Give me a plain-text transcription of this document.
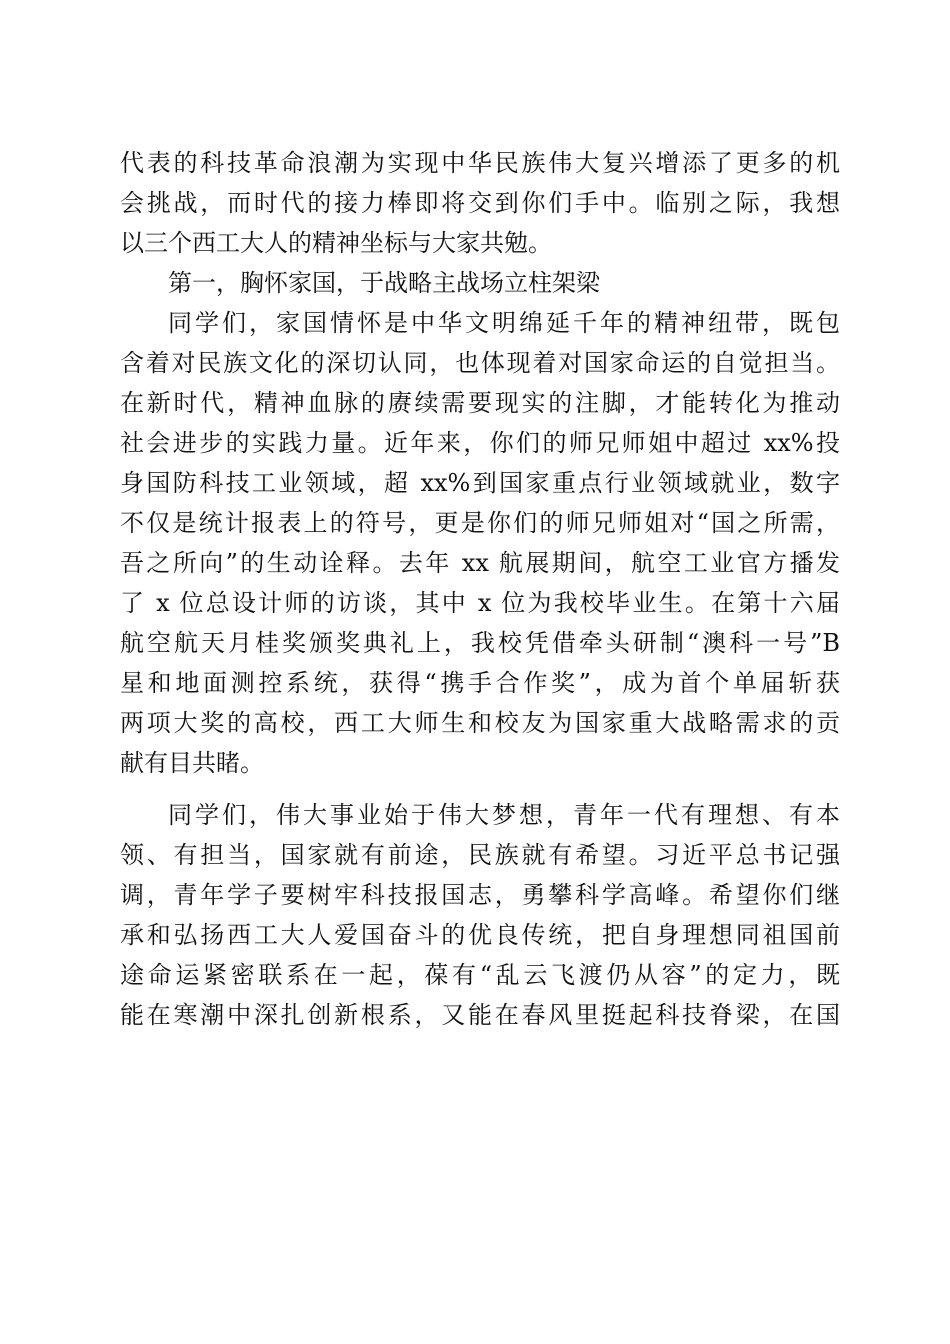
代表的科技革命浪潮为实现中华民族伟大复兴增添了更多的机
会挑战，而时代的接力棒即将交到你们手中。临别之际，我想
以三个西工大人的精神坐标与大家共勉。
第一，胸怀家国，于战略主战场立柱架梁
同学们，家国情怀是中华文明绵延千年的精神纽带，既包
含着对民族文化的深切认同，也体现着对国家命运的自觉担当。
在新时代，精神血脉的赓续需要现实的注脚，才能转化为推动
社会进步的实践力量。近年来，你们的师兄师姐中超过 xx%投
身国防科技工业领域，超 xx%到国家重点行业领域就业，数字
不仅是统计报表上的符号，更是你们的师兄师姐对“国之所需，
吾之所向”的生动诠释。去年 xx 航展期间，航空工业官方播发
了 x 位总设计师的访谈，其中 x 位为我校毕业生。在第十六届
航空航天月桂奖颁奖典礼上，我校凭借牵头研制“澳科一号”B
星和地面测控系统，获得“携手合作奖”，成为首个单届斩获
两项大奖的高校，西工大师生和校友为国家重大战略需求的贡
献有目共睹。
同学们，伟大事业始于伟大梦想，青年一代有理想、有本
领、有担当，国家就有前途，民族就有希望。习近平总书记强
调，青年学子要树牢科技报国志，勇攀科学高峰。希望你们继
承和弘扬西工大人爱国奋斗的优良传统，把自身理想同祖国前
途命运紧密联系在一起，葆有“乱云飞渡仍从容”的定力，既
能在寒潮中深扎创新根系，又能在春风里挺起科技脊梁，在国
